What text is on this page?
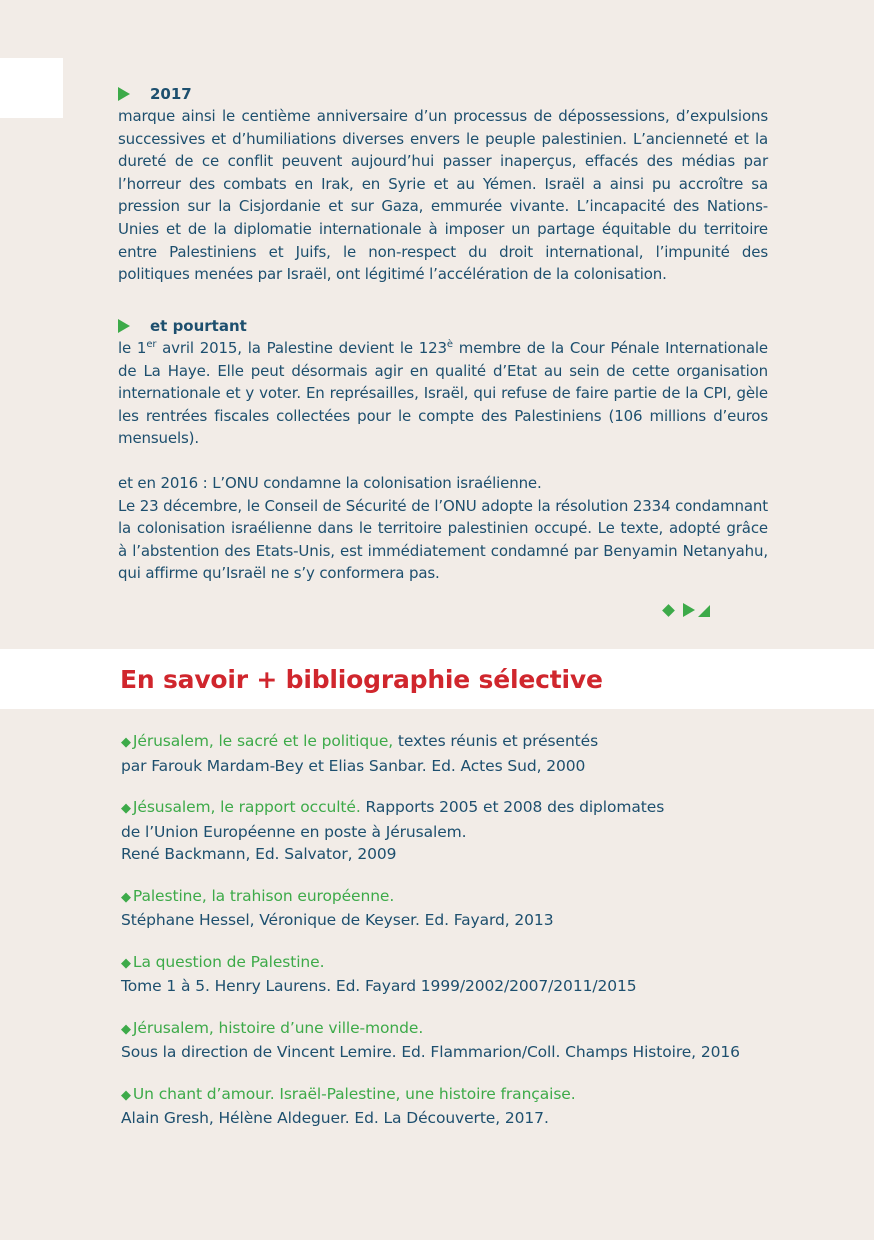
2017

marque ainsi le centième anniversaire d’un processus de dépossessions, d’expulsions successives et d’humiliations diverses envers le peuple palestinien. L’ancienneté et la dureté de ce conflit peuvent aujourd’hui passer inaperçus, effacés des médias par l’horreur des combats en Irak, en Syrie et au Yémen. Israël a ainsi pu accroître sa pression sur la Cisjordanie et sur Gaza, emmurée vivante. L’incapacité des Nations-Unies et de la diplomatie internationale à imposer un partage équitable du territoire entre Palestiniens et Juifs, le non-respect du droit international, l’impunité des politiques menées par Israël, ont légitimé l’accélération de la colonisation.

et pourtant

le 1er avril 2015, la Palestine devient le $123^è$ membre de la Cour Pénale Internationale de La Haye. Elle peut désormais agir en qualité d’Etat au sein de cette organisation internationale et y voter. En représailles, Israël, qui refuse de faire partie de la CPI, gèle les rentrées fiscales collectées pour le compte des Palestiniens (106 millions d’euros mensuels).

et en 2016 : L’ONU condamne la colonisation israélienne.

Le 23 décembre, le Conseil de Sécurité de l’ONU adopte la résolution 2334 condamnant la colonisation israélienne dans le territoire palestinien occupé. Le texte, adopté grâce à l’abstention des Etats-Unis, est immédiatement condamné par Benyamin Netanyahu, qui affirme qu’Israël ne s’y conformera pas.

En savoir + bibliographie sélective
◆ Jérusalem, le sacré et le politique, textes réunis et présentés
par Farouk Mardam-Bey et Elias Sanbar. Ed. Actes Sud, 2000
◆ Jésusalem, le rapport occulté. Rapports 2005 et 2008 des diplomates
de l’Union Européenne en poste à Jérusalem.
René Backmann, Ed. Salvator, 2009
◆ Palestine, la trahison européenne.
Stéphane Hessel, Véronique de Keyser. Ed. Fayard, 2013
◆ La question de Palestine.
Tome 1 à 5. Henry Laurens. Ed. Fayard 1999/2002/2007/2011/2015
◆ Jérusalem, histoire d’une ville-monde.
Sous la direction de Vincent Lemire. Ed. Flammarion/Coll. Champs Histoire, 2016
◆ Un chant d’amour. Israël-Palestine, une histoire française.
Alain Gresh, Hélène Aldeguer. Ed. La Découverte, 2017.
